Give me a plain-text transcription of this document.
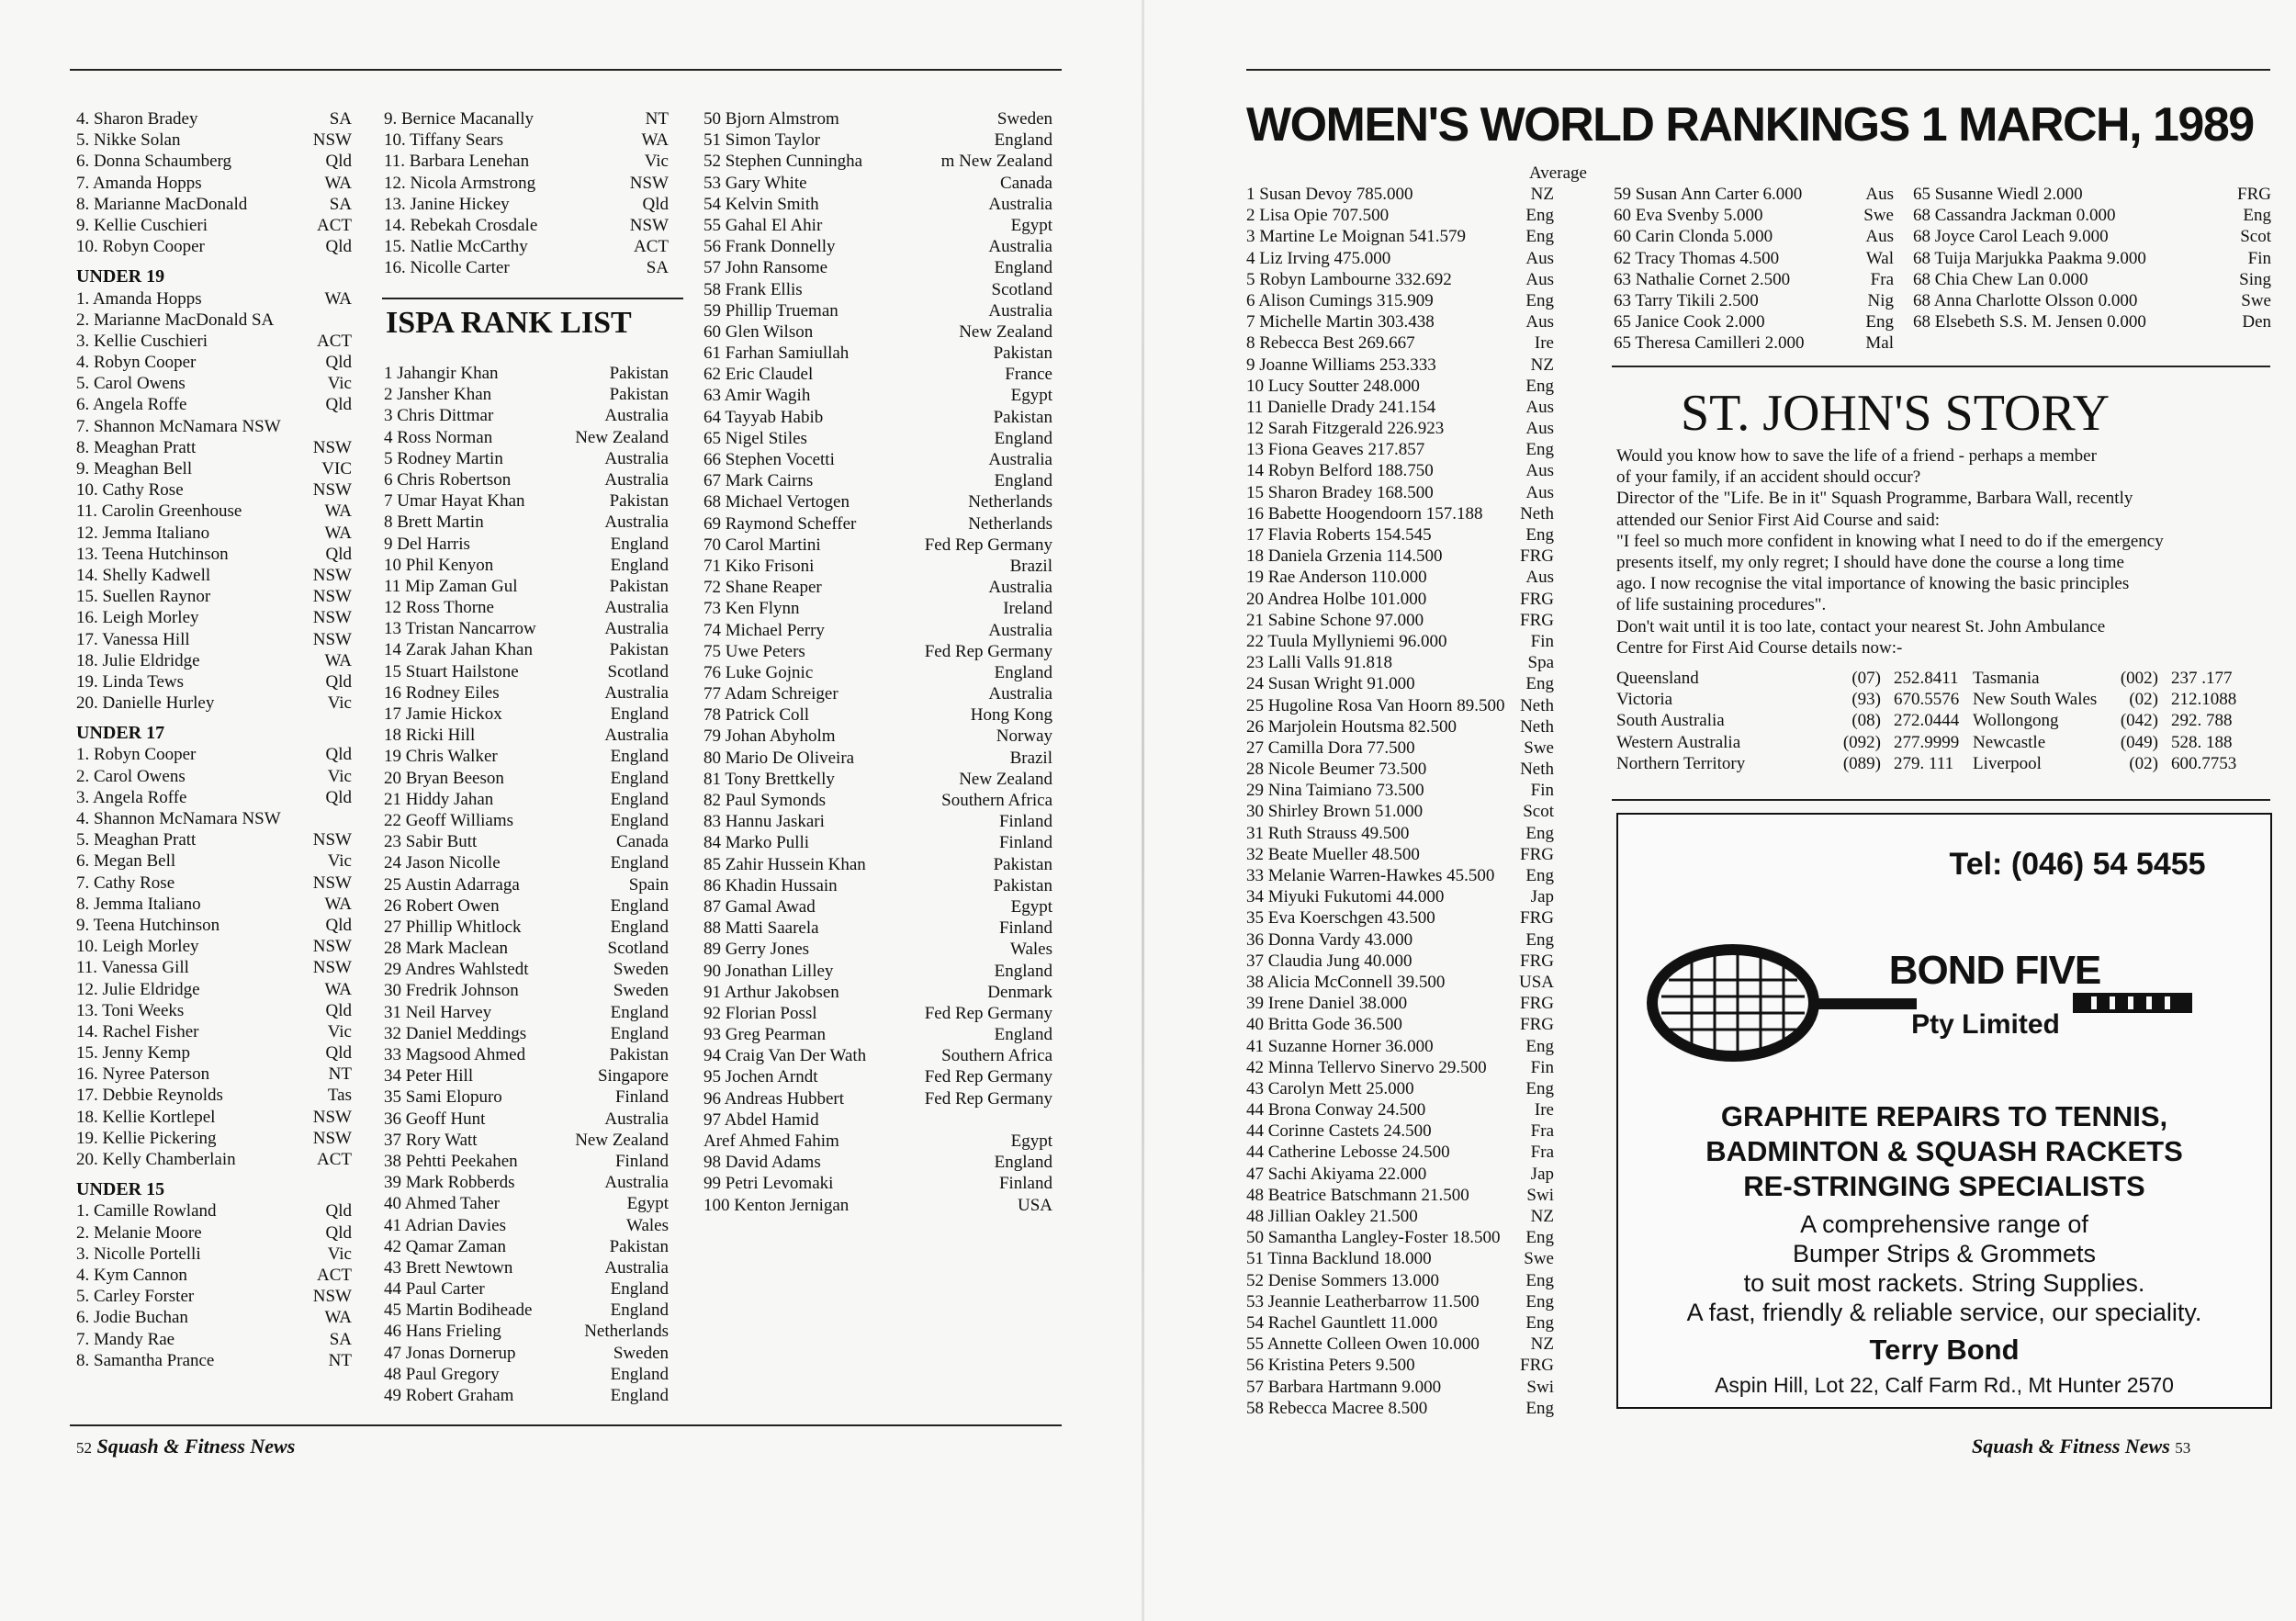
4. Sharon Bradey	SA
5. Nikke Solan	NSW
6. Donna Schaumberg	Qld
7. Amanda Hopps	WA
8. Marianne MacDonald	SA
9. Kellie Cuschieri	ACT
10. Robyn Cooper	Qld
UNDER 19
1. Amanda Hopps	WA
2. Marianne MacDonald SA
3. Kellie Cuschieri	ACT
4. Robyn Cooper	Qld
5. Carol Owens	Vic
6. Angela Roffe	Qld
7. Shannon McNamara NSW
8. Meaghan Pratt	NSW
9. Meaghan Bell	VIC
10. Cathy Rose	NSW
11. Carolin Greenhouse	WA
12. Jemma Italiano	WA
13. Teena Hutchinson	Qld
14. Shelly Kadwell	NSW
15. Suellen Raynor	NSW
16. Leigh Morley	NSW
17. Vanessa Hill	NSW
18. Julie Eldridge	WA
19. Linda Tews	Qld
20. Danielle Hurley	Vic
UNDER 17
1. Robyn Cooper	Qld
2. Carol Owens	Vic
3. Angela Roffe	Qld
4. Shannon McNamara NSW
5. Meaghan Pratt	NSW
6. Megan Bell	Vic
7. Cathy Rose	NSW
8. Jemma Italiano	WA
9. Teena Hutchinson	Qld
10. Leigh Morley	NSW
11. Vanessa Gill	NSW
12. Julie Eldridge	WA
13. Toni Weeks	Qld
14. Rachel Fisher	Vic
15. Jenny Kemp	Qld
16. Nyree Paterson	NT
17. Debbie Reynolds	Tas
18. Kellie Kortlepel	NSW
19. Kellie Pickering	NSW
20. Kelly Chamberlain	ACT
UNDER 15
1. Camille Rowland	Qld
2. Melanie Moore	Qld
3. Nicolle Portelli	Vic
4. Kym Cannon	ACT
5. Carley Forster	NSW
6. Jodie Buchan	WA
7. Mandy Rae	SA
8. Samantha Prance	NT
9. Bernice Macanally	NT
10. Tiffany Sears	WA
11. Barbara Lenehan	Vic
12. Nicola Armstrong	NSW
13. Janine Hickey	Qld
14. Rebekah Crosdale	NSW
15. Natlie McCarthy	ACT
16. Nicolle Carter	SA
ISPA RANK LIST
1 Jahangir Khan	Pakistan
2 Jansher Khan	Pakistan
3 Chris Dittmar	Australia
4 Ross Norman	New Zealand
5 Rodney Martin	Australia
6 Chris Robertson	Australia
7 Umar Hayat Khan	Pakistan
8 Brett Martin	Australia
9 Del Harris	England
10 Phil Kenyon	England
11 Mip Zaman Gul	Pakistan
12 Ross Thorne	Australia
13 Tristan Nancarrow	Australia
14 Zarak Jahan Khan	Pakistan
15 Stuart Hailstone	Scotland
16 Rodney Eiles	Australia
17 Jamie Hickox	England
18 Ricki Hill	Australia
19 Chris Walker	England
20 Bryan Beeson	England
21 Hiddy Jahan	England
22 Geoff Williams	England
23 Sabir Butt	Canada
24 Jason Nicolle	England
25 Austin Adarraga	Spain
26 Robert Owen	England
27 Phillip Whitlock	England
28 Mark Maclean	Scotland
29 Andres Wahlstedt	Sweden
30 Fredrik Johnson	Sweden
31 Neil Harvey	England
32 Daniel Meddings	England
33 Magsood Ahmed	Pakistan
34 Peter Hill	Singapore
35 Sami Elopuro	Finland
36 Geoff Hunt	Australia
37 Rory Watt	New Zealand
38 Pehtti Peekahen	Finland
39 Mark Robberds	Australia
40 Ahmed Taher	Egypt
41 Adrian Davies	Wales
42 Qamar Zaman	Pakistan
43 Brett Newtown	Australia
44 Paul Carter	England
45 Martin Bodiheade	England
46 Hans Frieling	Netherlands
47 Jonas Dornerup	Sweden
48 Paul Gregory	England
49 Robert Graham	England
50 Bjorn Almstrom	Sweden
51 Simon Taylor	England
52 Stephen Cunningha	m New Zealand
53 Gary White	Canada
54 Kelvin Smith	Australia
55 Gahal El Ahir	Egypt
56 Frank Donnelly	Australia
57 John Ransome	England
58 Frank Ellis	Scotland
59 Phillip Trueman	Australia
60 Glen Wilson	New Zealand
61 Farhan Samiullah	Pakistan
62 Eric Claudel	France
63 Amir Wagih	Egypt
64 Tayyab Habib	Pakistan
65 Nigel Stiles	England
66 Stephen Vocetti	Australia
67 Mark Cairns	England
68 Michael Vertogen	Netherlands
69 Raymond Scheffer	Netherlands
70 Carol Martini	Fed Rep Germany
71 Kiko Frisoni	Brazil
72 Shane Reaper	Australia
73 Ken Flynn	Ireland
74 Michael Perry	Australia
75 Uwe Peters	Fed Rep Germany
76 Luke Gojnic	England
77 Adam Schreiger	Australia
78 Patrick Coll	Hong Kong
79 Johan Abyholm	Norway
80 Mario De Oliveira	Brazil
81 Tony Brettkelly	New Zealand
82 Paul Symonds	Southern Africa
83 Hannu Jaskari	Finland
84 Marko Pulli	Finland
85 Zahir Hussein Khan	Pakistan
86 Khadin Hussain	Pakistan
87 Gamal Awad	Egypt
88 Matti Saarela	Finland
89 Gerry Jones	Wales
90 Jonathan Lilley	England
91 Arthur Jakobsen	Denmark
92 Florian Possl	Fed Rep Germany
93 Greg Pearman	England
94 Craig Van Der Wath	Southern Africa
95 Jochen Arndt	Fed Rep Germany
96 Andreas Hubbert	Fed Rep Germany
97 Abdel Hamid
Aref Ahmed Fahim	Egypt
98 David Adams	England
99 Petri Levomaki	Finland
100 Kenton Jernigan	USA
52 Squash & Fitness News
WOMEN'S WORLD RANKINGS 1 MARCH, 1989
Average
1 Susan Devoy 785.000	NZ
2 Lisa Opie 707.500	Eng
3 Martine Le Moignan 541.579	Eng
4 Liz Irving 475.000	Aus
5 Robyn Lambourne 332.692	Aus
6 Alison Cumings 315.909	Eng
7 Michelle Martin 303.438	Aus
8 Rebecca Best 269.667	Ire
9 Joanne Williams 253.333	NZ
10 Lucy Soutter 248.000	Eng
11 Danielle Drady 241.154	Aus
12 Sarah Fitzgerald 226.923	Aus
13 Fiona Geaves 217.857	Eng
14 Robyn Belford 188.750	Aus
15 Sharon Bradey 168.500	Aus
16 Babette Hoogendoorn 157.188 Neth
17 Flavia Roberts 154.545	Eng
18 Daniela Grzenia 114.500	FRG
19 Rae Anderson 110.000	Aus
20 Andrea Holbe 101.000	FRG
21 Sabine Schone 97.000	FRG
22 Tuula Myllyniemi 96.000	Fin
23 Lalli Valls 91.818	Spa
24 Susan Wright 91.000	Eng
25 Hugoline Rosa Van Hoorn 89.500 Neth
26 Marjolein Houtsma 82.500	Neth
27 Camilla Dora 77.500	Swe
28 Nicole Beumer 73.500	Neth
29 Nina Taimiano 73.500	Fin
30 Shirley Brown 51.000	Scot
31 Ruth Strauss 49.500	Eng
32 Beate Mueller 48.500	FRG
33 Melanie Warren-Hawkes 45.500 Eng
34 Miyuki Fukutomi 44.000	Jap
35 Eva Koerschgen 43.500	FRG
36 Donna Vardy 43.000	Eng
37 Claudia Jung 40.000	FRG
38 Alicia McConnell 39.500	USA
39 Irene Daniel 38.000	FRG
40 Britta Gode 36.500	FRG
41 Suzanne Horner 36.000	Eng
42 Minna Tellervo Sinervo 29.500	Fin
43 Carolyn Mett 25.000	Eng
44 Brona Conway 24.500	Ire
44 Corinne Castets 24.500	Fra
44 Catherine Lebosse 24.500	Fra
47 Sachi Akiyama 22.000	Jap
48 Beatrice Batschmann 21.500	Swi
48 Jillian Oakley 21.500	NZ
50 Samantha Langley-Foster 18.500 Eng
51 Tinna Backlund 18.000	Swe
52 Denise Sommers 13.000	Eng
53 Jeannie Leatherbarrow 11.500	Eng
54 Rachel Gauntlett 11.000	Eng
55 Annette Colleen Owen 10.000	NZ
56 Kristina Peters 9.500	FRG
57 Barbara Hartmann 9.000	Swi
58 Rebecca Macree 8.500	Eng
59 Susan Ann Carter 6.000	Aus
60 Eva Svenby 5.000	Swe
60 Carin Clonda 5.000	Aus
62 Tracy Thomas 4.500	Wal
63 Nathalie Cornet 2.500	Fra
63 Tarry Tikili 2.500	Nig
65 Janice Cook 2.000	Eng
65 Theresa Camilleri 2.000	Mal
65 Susanne Wiedl 2.000	FRG
68 Cassandra Jackman 0.000	Eng
68 Joyce Carol Leach 9.000	Scot
68 Tuija Marjukka Paakma 9.000	Fin
68 Chia Chew Lan 0.000	Sing
68 Anna Charlotte Olsson 0.000	Swe
68 Elsebeth S.S. M. Jensen 0.000	Den
ST. JOHN'S STORY
Would you know how to save the life of a friend - perhaps a member
of your family, if an accident should occur?
Director of the "Life. Be in it" Squash Programme, Barbara Wall, recently
attended our Senior First Aid Course and said:
"I feel so much more confident in knowing what I need to do if the emergency
presents itself, my only regret; I should have done the course a long time
ago. I now recognise the vital importance of knowing the basic principles
of life sustaining procedures".
Don't wait until it is too late, contact your nearest St. John Ambulance
Centre for First Aid Course details now:-
Queensland	(07) 252.8411 Tasmania	(002) 237 .177
Victoria	(93) 670.5576 New South Wales	(02) 212.1088
South Australia	(08) 272.0444 Wollongong	(042) 292. 788
Western Australia	(092) 277.9999 Newcastle	(049) 528. 188
Northern Territory	(089) 279. 111	Liverpool	(02) 600.7753
Tel: (046) 54 5455
BOND FIVE
Pty Limited
GRAPHITE REPAIRS TO TENNIS,
BADMINTON & SQUASH RACKETS
RE-STRINGING SPECIALISTS
A comprehensive range of
Bumper Strips & Grommets
to suit most rackets. String Supplies.
A fast, friendly & reliable service, our speciality.
Terry Bond
Aspin Hill, Lot 22, Calf Farm Rd., Mt Hunter 2570
Squash & Fitness News 53
